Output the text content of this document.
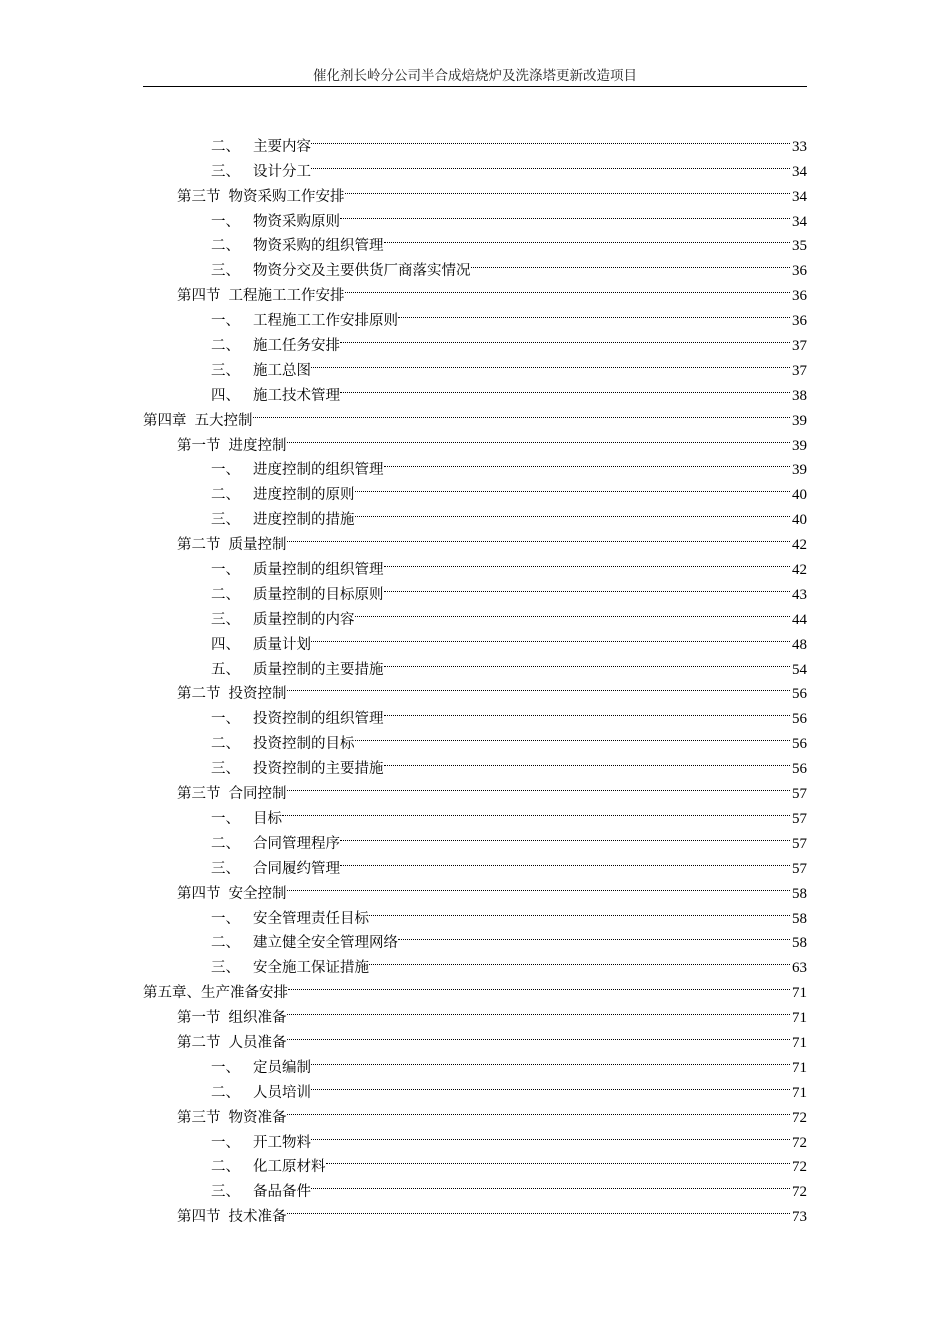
催化剂长岭分公司半合成焙烧炉及洗涤塔更新改造项目
二、 主要内容	33
三、 设计分工	34
第三节 物资采购工作安排	34
一、 物资采购原则	34
二、 物资采购的组织管理	35
三、 物资分交及主要供货厂商落实情况	36
第四节 工程施工工作安排	36
一、 工程施工工作安排原则	36
二、 施工任务安排	37
三、 施工总图	37
四、 施工技术管理	38
第四章 五大控制	39
第一节 进度控制	39
一、 进度控制的组织管理	39
二、 进度控制的原则	40
三、 进度控制的措施	40
第二节 质量控制	42
一、 质量控制的组织管理	42
二、 质量控制的目标原则	43
三、 质量控制的内容	44
四、 质量计划	48
五、 质量控制的主要措施	54
第二节 投资控制	56
一、 投资控制的组织管理	56
二、 投资控制的目标	56
三、 投资控制的主要措施	56
第三节 合同控制	57
一、 目标	57
二、 合同管理程序	57
三、 合同履约管理	57
第四节 安全控制	58
一、 安全管理责任目标	58
二、 建立健全安全管理网络	58
三、 安全施工保证措施	63
第五章、生产准备安排	71
第一节 组织准备	71
第二节 人员准备	71
一、 定员编制	71
二、 人员培训	71
第三节 物资准备	72
一、 开工物料	72
二、 化工原材料	72
三、 备品备件	72
第四节 技术准备	73
